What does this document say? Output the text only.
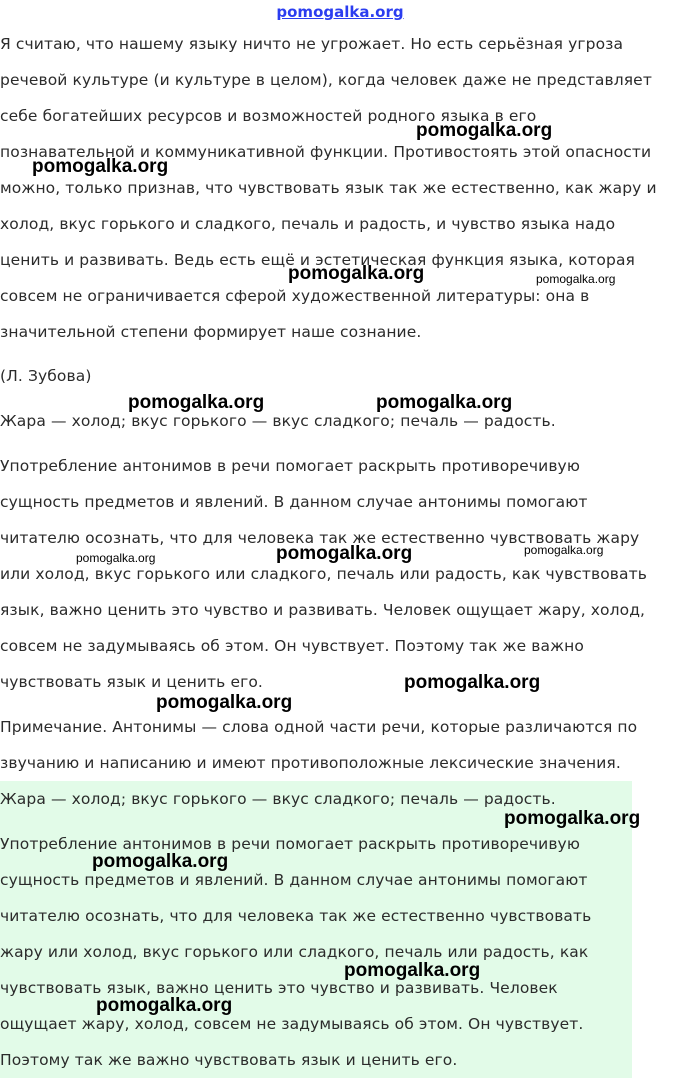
pomogalka.org
Я считаю, что нашему языку ничто не угрожает. Но есть серьёзная угроза
речевой культуре (и культуре в целом), когда человек даже не представляет
себе богатейших ресурсов и возможностей родного языка в его
познавательной и коммуникативной функции. Противостоять этой опасности
можно, только признав, что чувствовать язык так же естественно, как жару и
холод, вкус горького и сладкого, печаль и радость, и чувство языка надо
ценить и развивать. Ведь есть ещё и эстетическая функция языка, которая
совсем не ограничивается сферой художественной литературы: она в
значительной степени формирует наше сознание.
(Л. Зубова)
Жара — холод; вкус горького — вкус сладкого; печаль — радость.
Употребление антонимов в речи помогает раскрыть противоречивую
сущность предметов и явлений. В данном случае антонимы помогают
читателю осознать, что для человека так же естественно чувствовать жару
или холод, вкус горького или сладкого, печаль или радость, как чувствовать
язык, важно ценить это чувство и развивать. Человек ощущает жару, холод,
совсем не задумываясь об этом. Он чувствует. Поэтому так же важно
чувствовать язык и ценить его.
Примечание. Антонимы — слова одной части речи, которые различаются по
звучанию и написанию и имеют противоположные лексические значения.
Жара — холод; вкус горького — вкус сладкого; печаль — радость.
Употребление антонимов в речи помогает раскрыть противоречивую
сущность предметов и явлений. В данном случае антонимы помогают
читателю осознать, что для человека так же естественно чувствовать
жару или холод, вкус горького или сладкого, печаль или радость, как
чувствовать язык, важно ценить это чувство и развивать. Человек
ощущает жару, холод, совсем не задумываясь об этом. Он чувствует.
Поэтому так же важно чувствовать язык и ценить его.
pomogalka.org
pomogalka.org
pomogalka.org	pomogalka.org
pomogalka.org	pomogalka.org
pomogalka.org
pomogalka.org
pomogalka.org
pomogalka.org
pomogalka.org
pomogalka.org
pomogalka.org
pomogalka.org
pomogalka.org
